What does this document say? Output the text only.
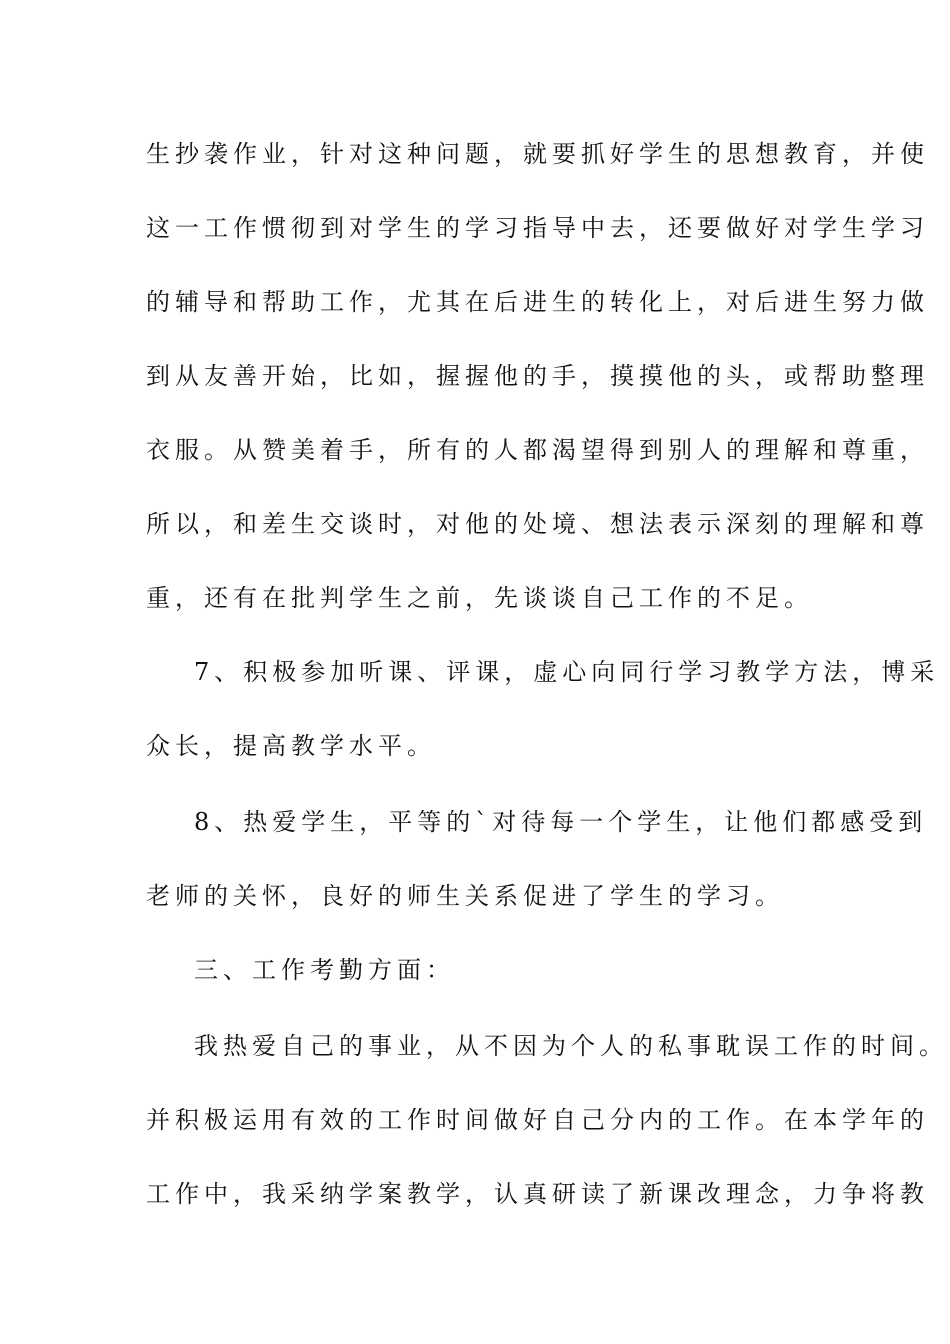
生抄袭作业，针对这种问题，就要抓好学生的思想教育，并使
这一工作惯彻到对学生的学习指导中去，还要做好对学生学习
的辅导和帮助工作，尤其在后进生的转化上，对后进生努力做
到从友善开始，比如，握握他的手，摸摸他的头，或帮助整理
衣服。从赞美着手，所有的人都渴望得到别人的理解和尊重，
所以，和差生交谈时，对他的处境、想法表示深刻的理解和尊
重，还有在批判学生之前，先谈谈自己工作的不足。
7、积极参加听课、评课，虚心向同行学习教学方法，博采
众长，提高教学水平。
8、热爱学生，平等的`对待每一个学生，让他们都感受到
老师的关怀，良好的师生关系促进了学生的学习。
三、工作考勤方面：
我热爱自己的事业，从不因为个人的私事耽误工作的时间。
并积极运用有效的工作时间做好自己分内的工作。在本学年的
工作中，我采纳学案教学，认真研读了新课改理念，力争将教
